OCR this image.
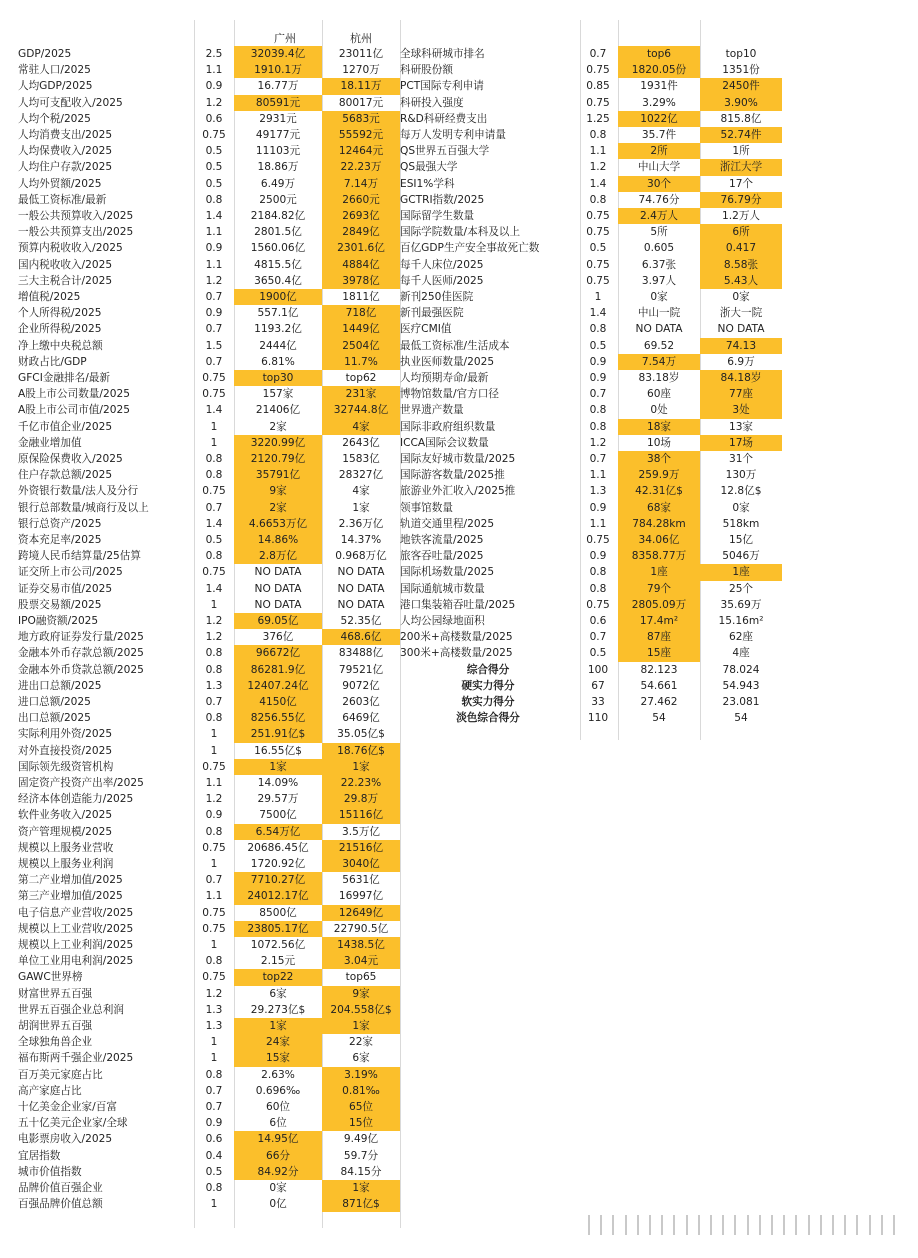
广州	杭州
GDP/2025	2.5	32039.4亿	23011亿
常驻人口/2025	1.1	1910.1万	1270万
人均GDP/2025	0.9	16.77万	18.11万
人均可支配收入/2025	1.2	80591元	80017元
人均个税/2025	0.6	2931元	5683元
人均消费支出/2025	0.75	49177元	55592元
人均保费收入/2025	0.5	11103元	12464元
人均住户存款/2025	0.5	18.86万	22.23万
人均外贸额/2025	0.5	6.49万	7.14万
最低工资标准/最新	0.8	2500元	2660元
一般公共预算收入/2025	1.4	2184.82亿	2693亿
一般公共预算支出/2025	1.1	2801.5亿	2849亿
预算内税收收入/2025	0.9	1560.06亿	2301.6亿
国内税收收入/2025	1.1	4815.5亿	4884亿
三大主税合计/2025	1.2	3650.4亿	3978亿
增值税/2025	0.7	1900亿	1811亿
个人所得税/2025	0.9	557.1亿	718亿
企业所得税/2025	0.7	1193.2亿	1449亿
净上缴中央税总额	1.5	2444亿	2504亿
财政占比/GDP	0.7	6.81%	11.7%
GFCI金融排名/最新	0.75	top30	top62
A股上市公司数量/2025	0.75	157家	231家
A股上市公司市值/2025	1.4	21406亿	32744.8亿
千亿市值企业/2025	1	2家	4家
金融业增加值	1	3220.99亿	2643亿
原保险保费收入/2025	0.8	2120.79亿	1583亿
住户存款总额/2025	0.8	35791亿	28327亿
外资银行数量/法人及分行	0.75	9家	4家
银行总部数量/城商行及以上	0.7	2家	1家
银行总资产/2025	1.4	4.6653万亿	2.36万亿
资本充足率/2025	0.5	14.86%	14.37%
跨境人民币结算量/25估算	0.8	2.8万亿	0.968万亿
证交所上市公司/2025	0.75	NO DATA	NO DATA
证券交易市值/2025	1.4	NO DATA	NO DATA
股票交易额/2025	1	NO DATA	NO DATA
IPO融资额/2025	1.2	69.05亿	52.35亿
地方政府证券发行量/2025	1.2	376亿	468.6亿
金融本外币存款总额/2025	0.8	96672亿	83488亿
金融本外币贷款总额/2025	0.8	86281.9亿	79521亿
进出口总额/2025	1.3	12407.24亿	9072亿
进口总额/2025	0.7	4150亿	2603亿
出口总额/2025	0.8	8256.55亿	6469亿
实际利用外资/2025	1	251.91亿$	35.05亿$
对外直接投资/2025	1	16.55亿$	18.76亿$
国际领先级资管机构	0.75	1家	1家
固定资产投资产出率/2025	1.1	14.09%	22.23%
经济本体创造能力/2025	1.2	29.57万	29.8万
软件业务收入/2025	0.9	7500亿	15116亿
资产管理规模/2025	0.8	6.54万亿	3.5万亿
规模以上服务业营收	0.75	20686.45亿	21516亿
规模以上服务业利润	1	1720.92亿	3040亿
第二产业增加值/2025	0.7	7710.27亿	5631亿
第三产业增加值/2025	1.1	24012.17亿	16997亿
电子信息产业营收/2025	0.75	8500亿	12649亿
规模以上工业营收/2025	0.75	23805.17亿	22790.5亿
规模以上工业利润/2025	1	1072.56亿	1438.5亿
单位工业用电利润/2025	0.8	2.15元	3.04元
GAWC世界榜	0.75	top22	top65
财富世界五百强	1.2	6家	9家
世界五百强企业总利润	1.3	29.273亿$	204.558亿$
胡润世界五百强	1.3	1家	1家
全球独角兽企业	1	24家	22家
福布斯两千强企业/2025	1	15家	6家
百万美元家庭占比	0.8	2.63%	3.19%
高产家庭占比	0.7	0.696‰	0.81‰
十亿美金企业家/百富	0.7	60位	65位
五十亿美元企业家/全球	0.9	6位	15位
电影票房收入/2025	0.6	14.95亿	9.49亿
宜居指数	0.4	66分	59.7分
城市价值指数	0.5	84.92分	84.15分
品牌价值百强企业	0.8	0家	1家
百强品牌价值总额	1	0亿	871亿$
全球科研城市排名	0.7	top6	top10
科研股份额	0.75	1820.05份	1351份
PCT国际专利申请	0.85	1931件	2450件
科研投入强度	0.75	3.29%	3.90%
R&D科研经费支出	1.25	1022亿	815.8亿
每万人发明专利申请量	0.8	35.7件	52.74件
QS世界五百强大学	1.1	2所	1所
QS最强大学	1.2	中山大学	浙江大学
ESI1%学科	1.4	30个	17个
GCTRI指数/2025	0.8	74.76分	76.79分
国际留学生数量	0.75	2.4万人	1.2万人
国际学院数量/本科及以上	0.75	5所	6所
百亿GDP生产安全事故死亡数	0.5	0.605	0.417
每千人床位/2025	0.75	6.37张	8.58张
每千人医师/2025	0.75	3.97人	5.43人
新刊250佳医院	1	0家	0家
新刊最强医院	1.4	中山一院	浙大一院
医疗CMI值	0.8	NO DATA	NO DATA
最低工资标准/生活成本	0.5	69.52	74.13
执业医师数量/2025	0.9	7.54万	6.9万
人均预期寿命/最新	0.9	83.18岁	84.18岁
博物馆数量/官方口径	0.7	60座	77座
世界遗产数量	0.8	0处	3处
国际非政府组织数量	0.8	18家	13家
ICCA国际会议数量	1.2	10场	17场
国际友好城市数量/2025	0.7	38个	31个
国际游客数量/2025推	1.1	259.9万	130万
旅游业外汇收入/2025推	1.3	42.31亿$	12.8亿$
领事馆数量	0.9	68家	0家
轨道交通里程/2025	1.1	784.28km	518km
地铁客流量/2025	0.75	34.06亿	15亿
旅客吞吐量/2025	0.9	8358.77万	5046万
国际机场数量/2025	0.8	1座	1座
国际通航城市数量	0.8	79个	25个
港口集装箱吞吐量/2025	0.75	2805.09万	35.69万
人均公园绿地面积	0.6	17.4m²	15.16m²
200米+高楼数量/2025	0.7	87座	62座
300米+高楼数量/2025	0.5	15座	4座
综合得分	100	82.123	78.024
硬实力得分	67	54.661	54.943
软实力得分	33	27.462	23.081
淡色综合得分	110	54	54
